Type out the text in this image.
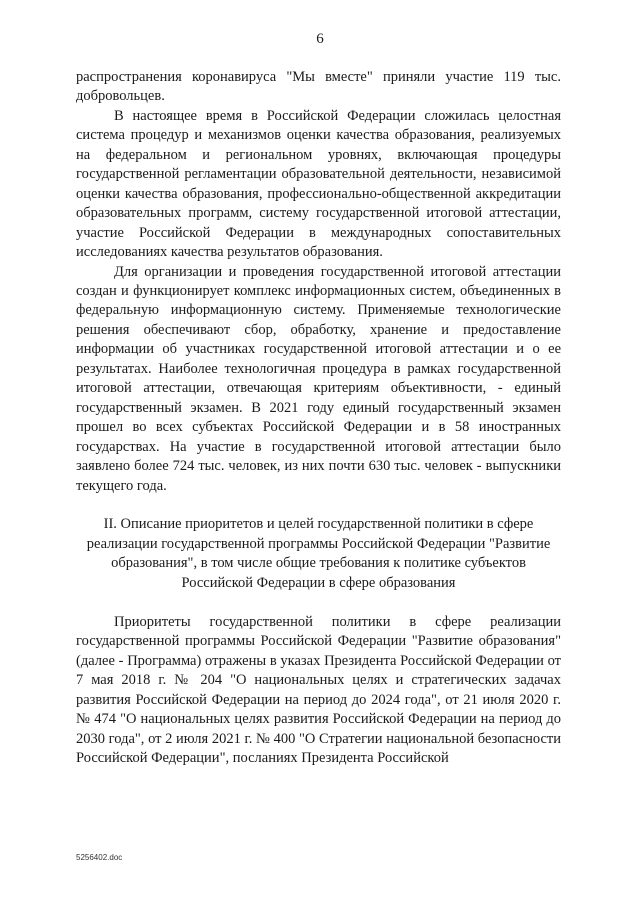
6

распространения коронавируса "Мы вместе" приняли участие 119 тыс. добровольцев.

В настоящее время в Российской Федерации сложилась целостная система процедур и механизмов оценки качества образования, реализуемых на федеральном и региональном уровнях, включающая процедуры государственной регламентации образовательной деятельности, независимой оценки качества образования, профессионально-общественной аккредитации образовательных программ, систему государственной итоговой аттестации, участие Российской Федерации в международных сопоставительных исследованиях качества результатов образования.

Для организации и проведения государственной итоговой аттестации создан и функционирует комплекс информационных систем, объединенных в федеральную информационную систему. Применяемые технологические решения обеспечивают сбор, обработку, хранение и предоставление информации об участниках государственной итоговой аттестации и о ее результатах. Наиболее технологичная процедура в рамках государственной итоговой аттестации, отвечающая критериям объективности, - единый государственный экзамен. В 2021 году единый государственный экзамен прошел во всех субъектах Российской Федерации и в 58 иностранных государствах. На участие в государственной итоговой аттестации было заявлено более 724 тыс. человек, из них почти 630 тыс. человек - выпускники текущего года.

II. Описание приоритетов и целей государственной политики в сфере реализации государственной программы Российской Федерации "Развитие образования", в том числе общие требования к политике субъектов Российской Федерации в сфере образования

Приоритеты государственной политики в сфере реализации государственной программы Российской Федерации "Развитие образования" (далее - Программа) отражены в указах Президента Российской Федерации от 7 мая 2018 г. № 204 "О национальных целях и стратегических задачах развития Российской Федерации на период до 2024 года", от 21 июля 2020 г. № 474 "О национальных целях развития Российской Федерации на период до 2030 года", от 2 июля 2021 г. № 400 "О Стратегии национальной безопасности Российской Федерации", посланиях Президента Российской

5256402.doc
